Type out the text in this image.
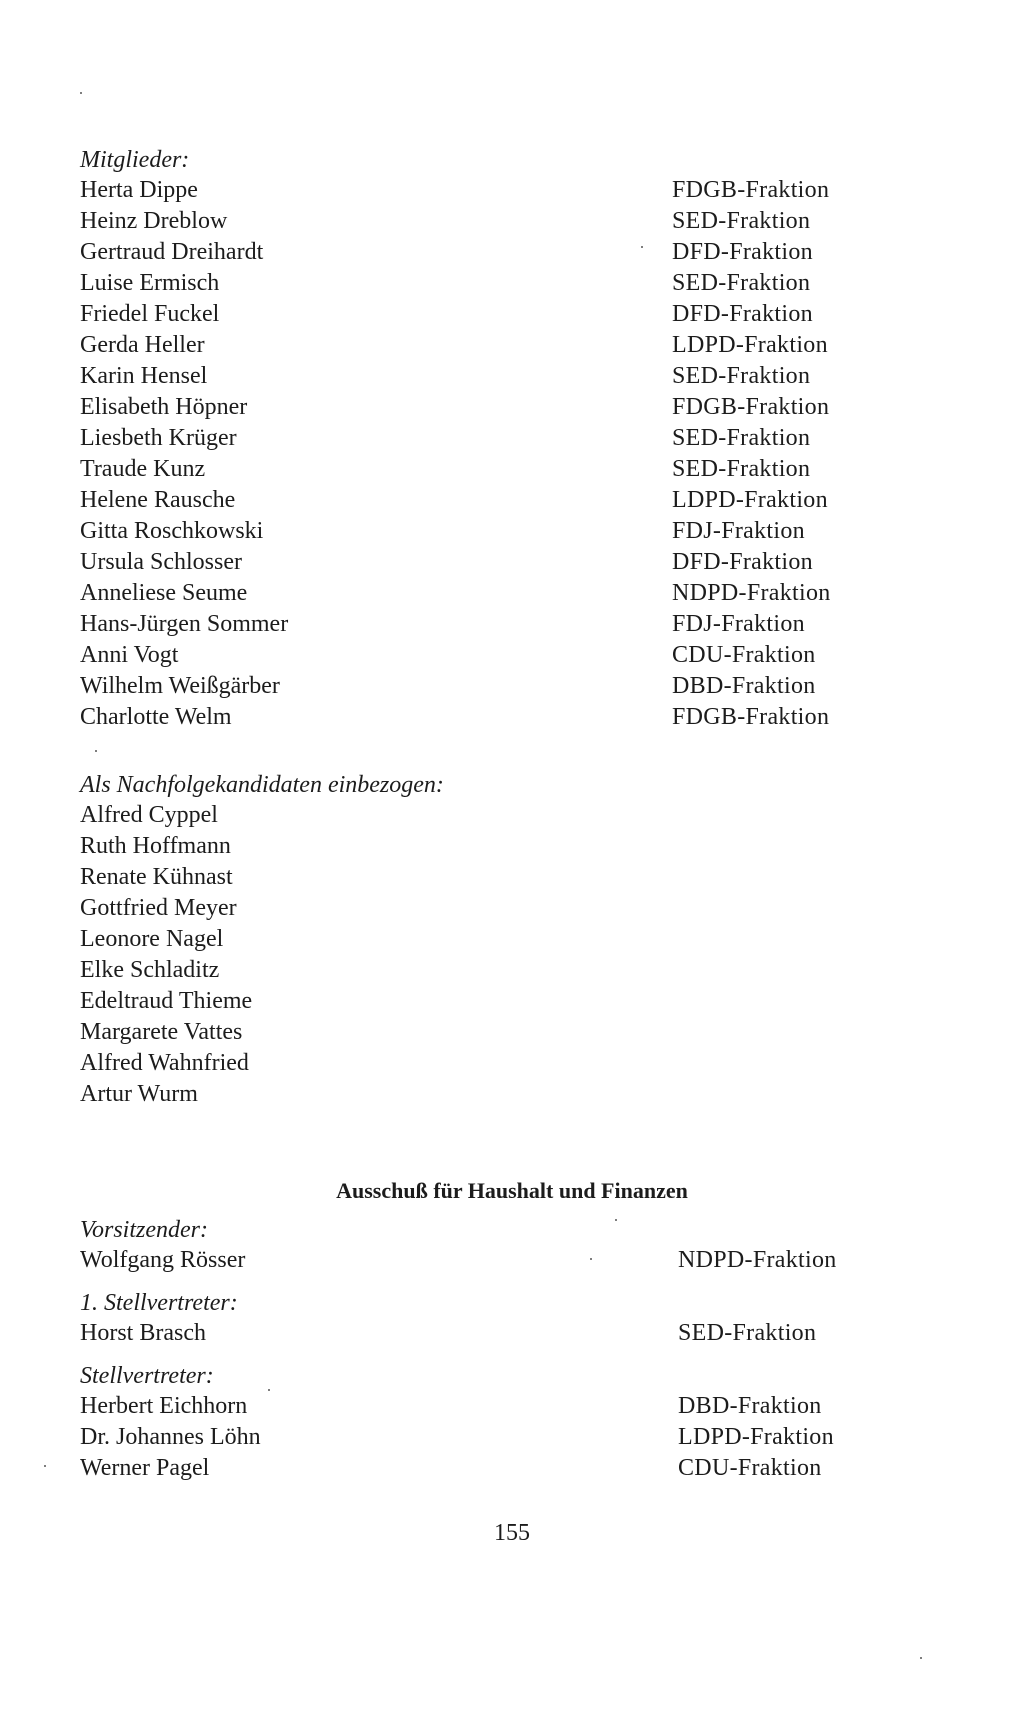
Mitglieder:
Herta Dippe	FDGB-Fraktion
Heinz Dreblow	SED-Fraktion
Gertraud Dreihardt	DFD-Fraktion
Luise Ermisch	SED-Fraktion
Friedel Fuckel	DFD-Fraktion
Gerda Heller	LDPD-Fraktion
Karin Hensel	SED-Fraktion
Elisabeth Höpner	FDGB-Fraktion
Liesbeth Krüger	SED-Fraktion
Traude Kunz	SED-Fraktion
Helene Rausche	LDPD-Fraktion
Gitta Roschkowski	FDJ-Fraktion
Ursula Schlosser	DFD-Fraktion
Anneliese Seume	NDPD-Fraktion
Hans-Jürgen Sommer	FDJ-Fraktion
Anni Vogt	CDU-Fraktion
Wilhelm Weißgärber	DBD-Fraktion
Charlotte Welm	FDGB-Fraktion
Als Nachfolgekandidaten einbezogen:
Alfred Cyppel
Ruth Hoffmann
Renate Kühnast
Gottfried Meyer
Leonore Nagel
Elke Schladitz
Edeltraud Thieme
Margarete Vattes
Alfred Wahnfried
Artur Wurm
Ausschuß für Haushalt und Finanzen
Vorsitzender:
Wolfgang Rösser	NDPD-Fraktion
1. Stellvertreter:
Horst Brasch	SED-Fraktion
Stellvertreter:
Herbert Eichhorn	DBD-Fraktion
Dr. Johannes Löhn	LDPD-Fraktion
Werner Pagel	CDU-Fraktion
155
